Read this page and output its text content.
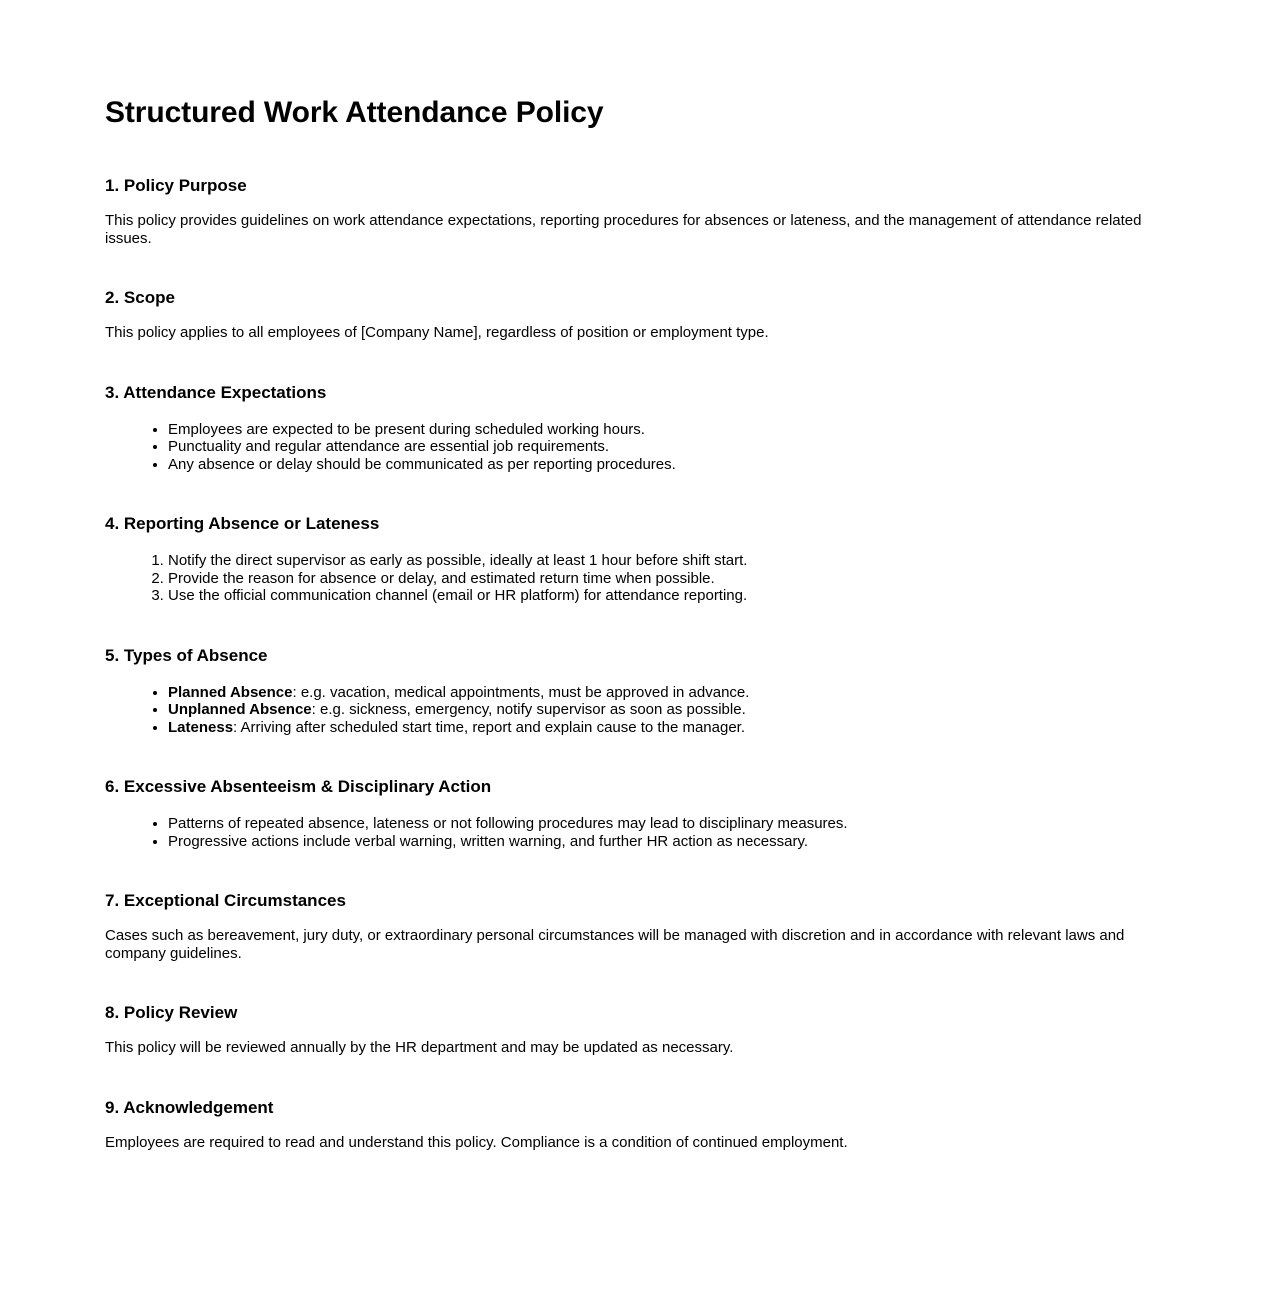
Structured Work Attendance Policy
1. Policy Purpose

This policy provides guidelines on work attendance expectations, reporting procedures for absences or lateness, and the management of attendance related issues.

2. Scope

This policy applies to all employees of [Company Name], regardless of position or employment type.

3. Attendance Expectations
• Employees are expected to be present during scheduled working hours.
• Punctuality and regular attendance are essential job requirements.
• Any absence or delay should be communicated as per reporting procedures.
4. Reporting Absence or Lateness
1. Notify the direct supervisor as early as possible, ideally at least 1 hour before shift start.
2. Provide the reason for absence or delay, and estimated return time when possible.
3. Use the official communication channel (email or HR platform) for attendance reporting.
5. Types of Absence
• Planned Absence: e.g. vacation, medical appointments, must be approved in advance.
• Unplanned Absence: e.g. sickness, emergency, notify supervisor as soon as possible.
• Lateness: Arriving after scheduled start time, report and explain cause to the manager.
6. Excessive Absenteeism & Disciplinary Action
• Patterns of repeated absence, lateness or not following procedures may lead to disciplinary measures.
• Progressive actions include verbal warning, written warning, and further HR action as necessary.
7. Exceptional Circumstances

Cases such as bereavement, jury duty, or extraordinary personal circumstances will be managed with discretion and in accordance with relevant laws and company guidelines.

8. Policy Review

This policy will be reviewed annually by the HR department and may be updated as necessary.

9. Acknowledgement

Employees are required to read and understand this policy. Compliance is a condition of continued employment.
